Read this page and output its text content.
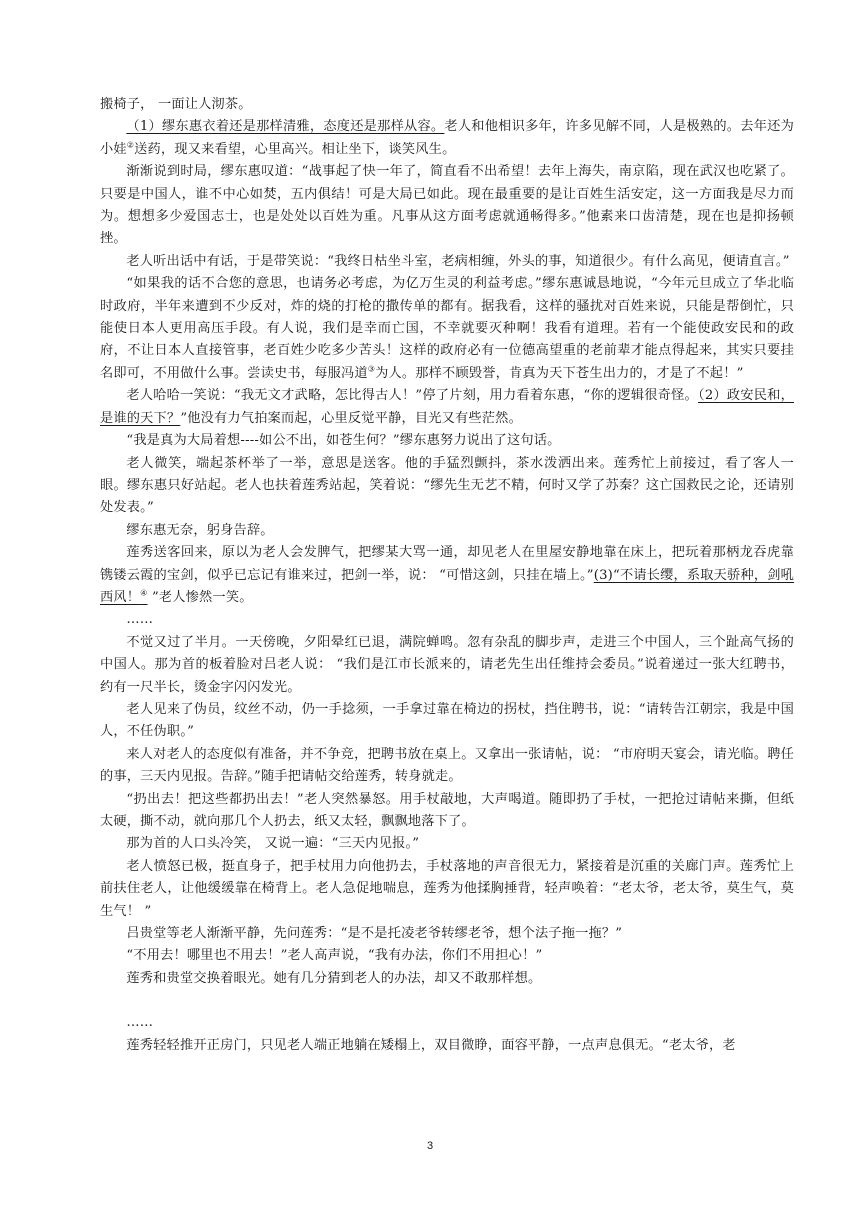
搬椅子， 一面让人沏茶。

（1）缪东惠衣着还是那样清雅，态度还是那样从容。老人和他相识多年，许多见解不同，人是极熟的。去年还为小娃②送药，现又来看望，心里高兴。相让坐下，谈笑风生。

渐渐说到时局，缪东惠叹道：“战事起了快一年了，简直看不出希望！去年上海失，南京陷，现在武汉也吃紧了。只要是中国人，谁不中心如焚，五内俱结！可是大局已如此。现在最重要的是让百姓生活安定，这一方面我是尽力而为。想想多少爱国志士，也是处处以百姓为重。凡事从这方面考虑就通畅得多。”他素来口齿清楚，现在也是抑扬顿挫。

老人听出话中有话，于是带笑说：“我终日枯坐斗室，老病相缠，外头的事，知道很少。有什么高见，便请直言。”

“如果我的话不合您的意思，也请务必考虑，为亿万生灵的利益考虑。”缪东惠诚恳地说，“今年元旦成立了华北临时政府，半年来遭到不少反对，炸的烧的打枪的撒传单的都有。据我看，这样的骚扰对百姓来说，只能是帮倒忙，只能使日本人更用高压手段。有人说，我们是幸而亡国，不幸就要灭种啊！我看有道理。若有一个能使政安民和的政府，不让日本人直接管事，老百姓少吃多少苦头！这样的政府必有一位德高望重的老前辈才能点得起来，其实只要挂名即可，不用做什么事。尝读史书，每服冯道③为人。那样不顾毁誉，肯真为天下苍生出力的，才是了不起！”

老人哈哈一笑说：“我无文才武略，怎比得古人！”停了片刻，用力看着东惠，“你的逻辑很奇怪。（2）政安民和，是谁的天下？”他没有力气拍案而起，心里反觉平静，目光又有些茫然。

“我是真为大局着想----如公不出，如苍生何？”缪东惠努力说出了这句话。

老人微笑，端起茶杯举了一举，意思是送客。他的手猛烈颤抖，茶水泼洒出来。莲秀忙上前接过，看了客人一眼。缪东惠只好站起。老人也扶着莲秀站起，笑着说：“缪先生无艺不精，何时又学了苏秦？这亡国救民之论，还请别处发表。”

缪东惠无奈，躬身告辞。

莲秀送客回来，原以为老人会发脾气，把缪某大骂一通，却见老人在里屋安静地靠在床上，把玩着那柄龙吞虎靠镌镂云霞的宝剑，似乎已忘记有谁来过，把剑一举，说： “可惜这剑，只挂在墙上。”(3)“不请长缨，系取天骄种，剑吼西风！④ ”老人惨然一笑。

……

不觉又过了半月。一天傍晚，夕阳晕红已退，满院蝉鸣。忽有杂乱的脚步声，走进三个中国人，三个趾高气扬的中国人。那为首的板着脸对吕老人说： “我们是江市长派来的，请老先生出任维持会委员。”说着递过一张大红聘书，约有一尺半长，烫金字闪闪发光。

老人见来了伪员，纹丝不动，仍一手捻须，一手拿过靠在椅边的拐杖，挡住聘书，说：“请转告江朝宗，我是中国人，不任伪职。”

来人对老人的态度似有准备，并不争竞，把聘书放在桌上。又拿出一张请帖，说： “市府明天宴会，请光临。聘任的事，三天内见报。告辞。”随手把请帖交给莲秀，转身就走。

“扔出去！把这些都扔出去！”老人突然暴怒。用手杖敲地，大声喝道。随即扔了手杖，一把抢过请帖来撕，但纸太硬，撕不动，就向那几个人扔去，纸又太轻，飘飘地落下了。

那为首的人口头冷笑， 又说一遍：“三天内见报。”

老人愤怒已极，挺直身子，把手杖用力向他扔去，手杖落地的声音很无力，紧接着是沉重的关廊门声。莲秀忙上前扶住老人，让他缓缓靠在椅背上。老人急促地喘息，莲秀为他揉胸捶背，轻声唤着：“老太爷，老太爷，莫生气，莫生气！ ”

吕贵堂等老人渐渐平静，先问莲秀：“是不是托凌老爷转缪老爷，想个法子拖一拖？”

“不用去！哪里也不用去！”老人高声说，“我有办法，你们不用担心！”

莲秀和贵堂交换着眼光。她有几分猜到老人的办法，却又不敢那样想。

……

莲秀轻轻推开正房门，只见老人端正地躺在矮榻上，双目微睁，面容平静，一点声息俱无。“老太爷，老

3
